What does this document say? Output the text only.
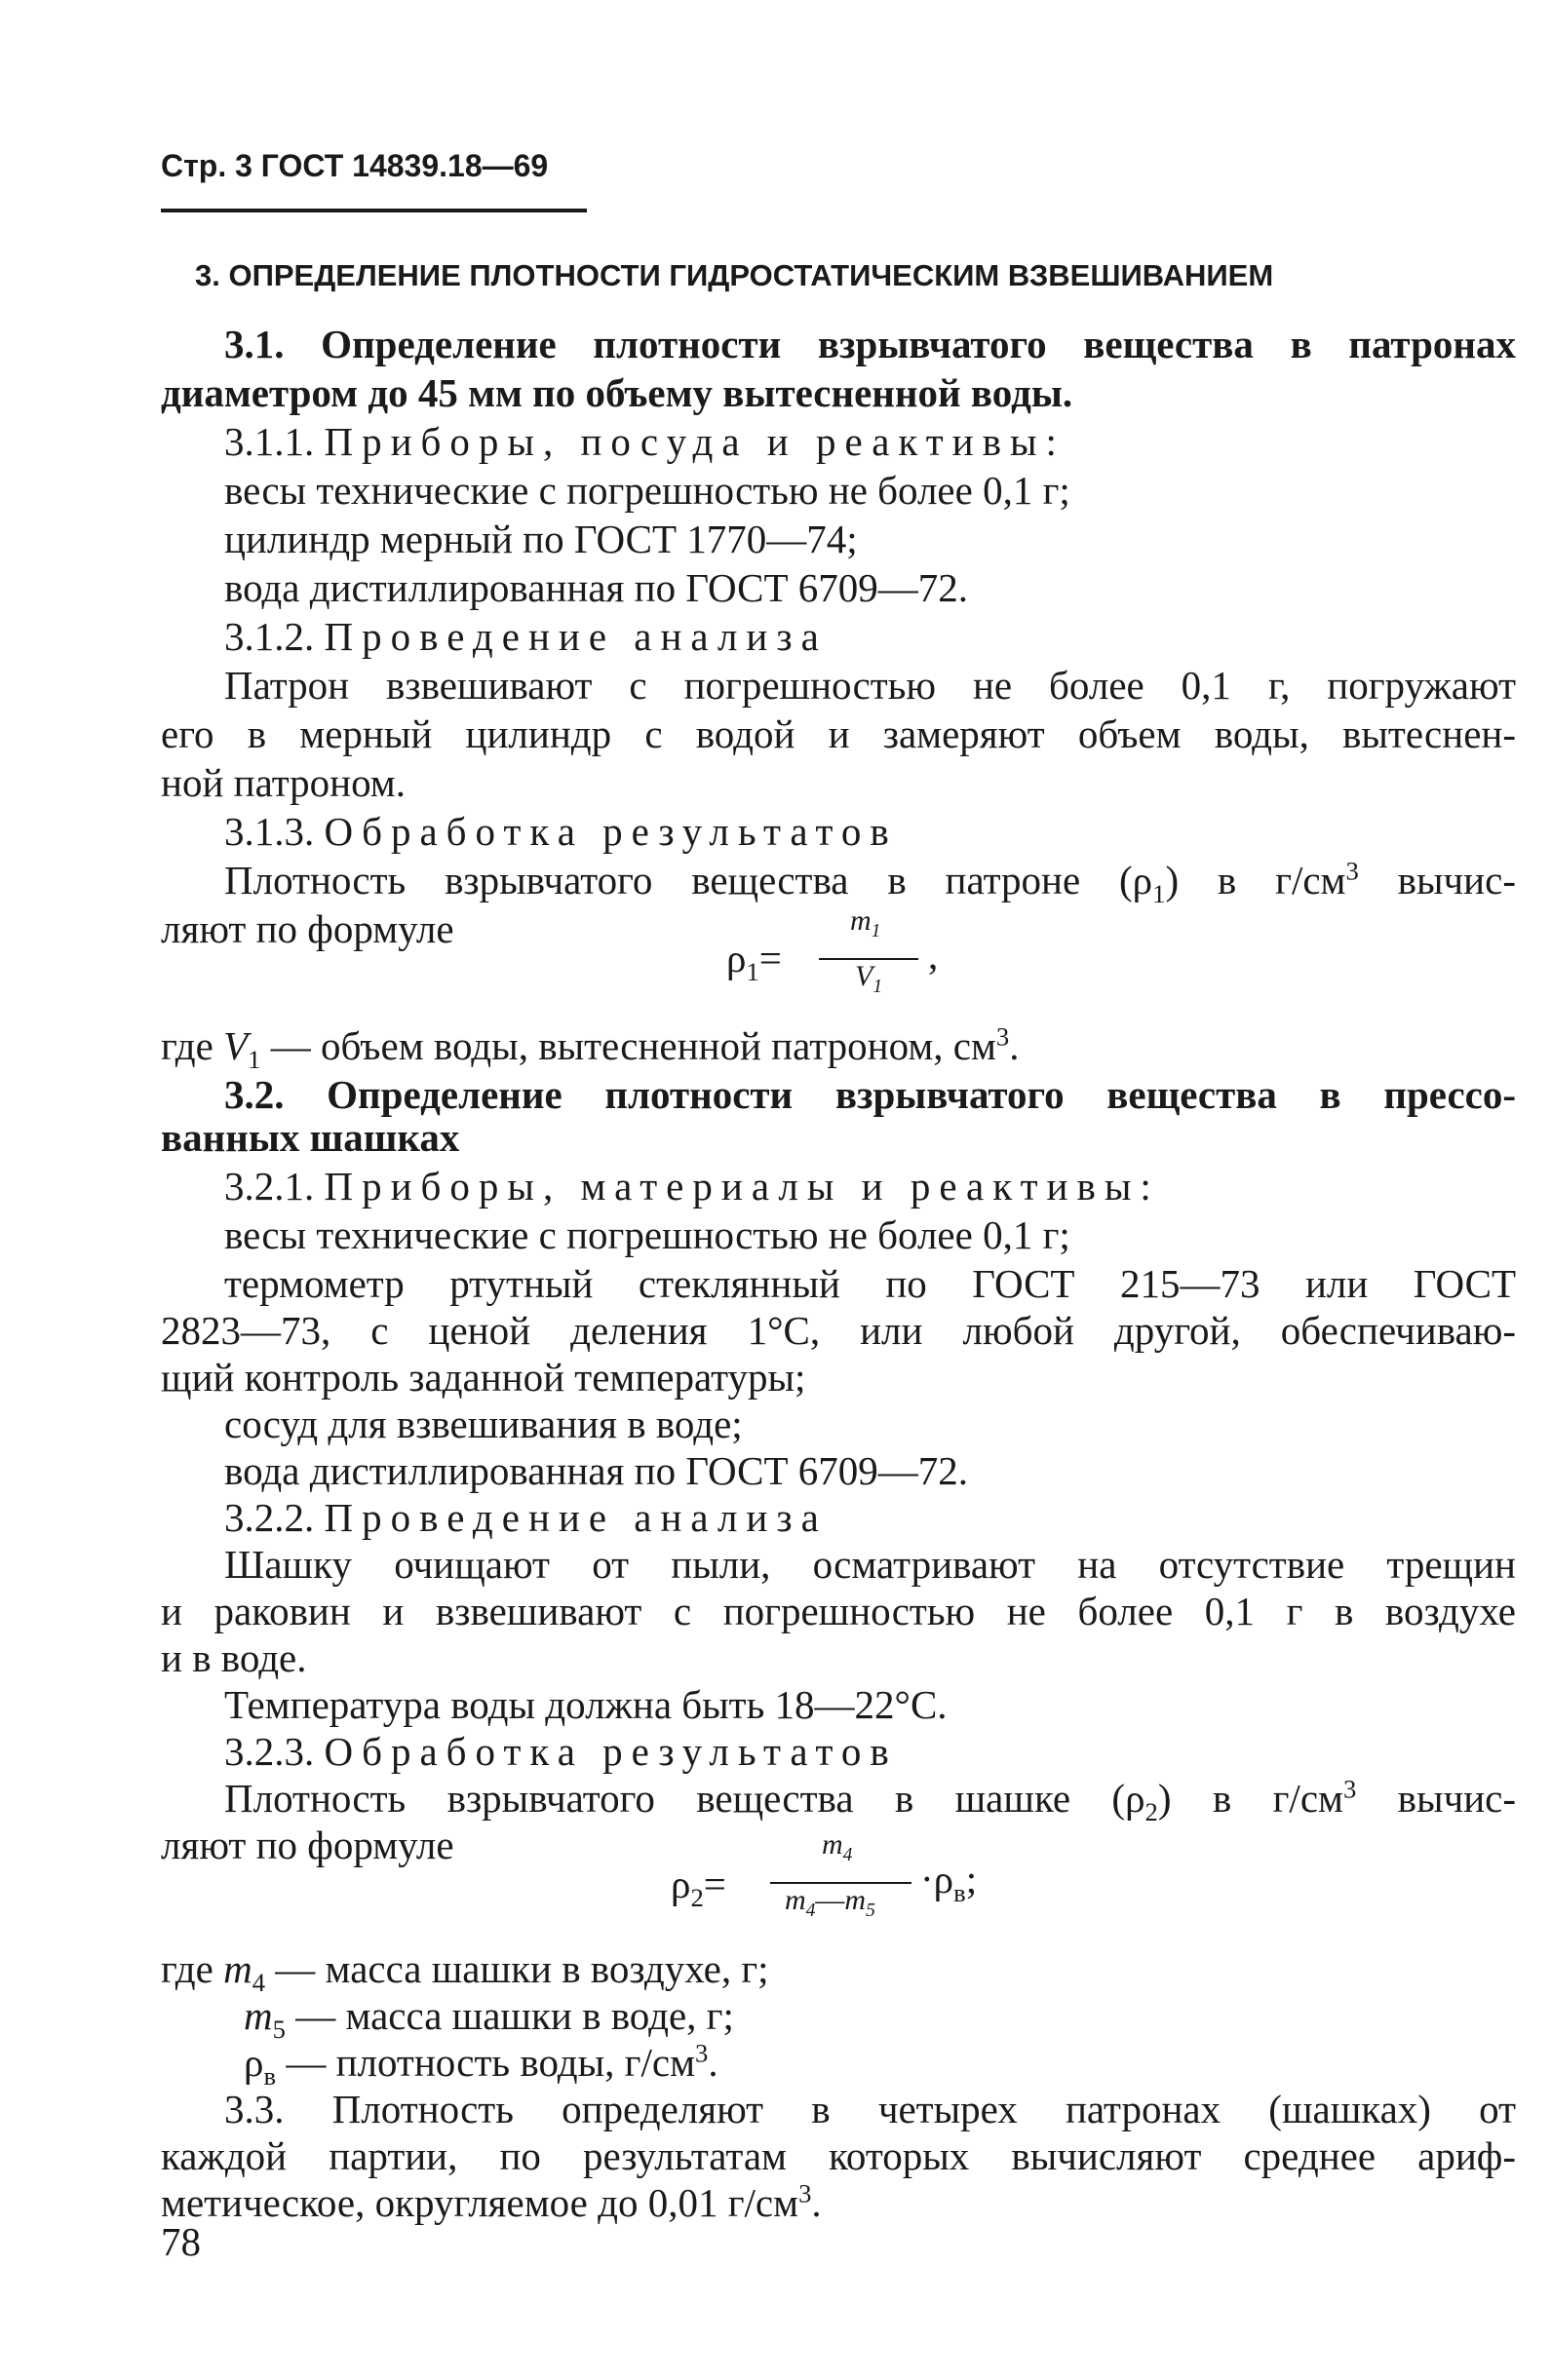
Стр. 3 ГОСТ 14839.18—69
3. ОПРЕДЕЛЕНИЕ ПЛОТНОСТИ ГИДРОСТАТИЧЕСКИМ ВЗВЕШИВАНИЕМ
3.1. Определение плотности взрывчатого вещества в патронах
диаметром до 45 мм по объему вытесненной воды.
3.1.1. Приборы, посуда и реактивы:
весы технические с погрешностью не более 0,1 г;
цилиндр мерный по ГОСТ 1770—74;
вода дистиллированная по ГОСТ 6709—72.
3.1.2. Проведение анализа
Патрон взвешивают с погрешностью не более 0,1 г, погружают
его в мерный цилиндр с водой и замеряют объем воды, вытеснен-
ной патроном.
3.1.3. Обработка результатов
Плотность взрывчатого вещества в патроне $(\rho_1)$ в $г/см^3$ вычис-
ляют по формуле
$\rho_1=$
$m_1$
$V_1$
,
где $V_1$ — объем воды, вытесненной патроном, $см^3$.
3.2. Определение плотности взрывчатого вещества в прессо-
ванных шашках
3.2.1. Приборы, материалы и реактивы:
весы технические с погрешностью не более 0,1 г;
термометр ртутный стеклянный по ГОСТ 215—73 или ГОСТ
2823—73, с ценой деления 1°С, или любой другой, обеспечиваю-
щий контроль заданной температуры;
сосуд для взвешивания в воде;
вода дистиллированная по ГОСТ 6709—72.
3.2.2. Проведение анализа
Шашку очищают от пыли, осматривают на отсутствие трещин
и раковин и взвешивают с погрешностью не более 0,1 г в воздухе
и в воде.
Температура воды должна быть 18—22°С.
3.2.3. Обработка результатов
Плотность взрывчатого вещества в шашке $(\rho_2)$ в $г/см^3$ вычис-
ляют по формуле
$\rho_2=$
$m_4$
$m_4—m_5$
$\cdot\rho_в$;
где $m_4$ — масса шашки в воздухе, г;
$m_5$ — масса шашки в воде, г;
$\rho_в$ — плотность воды, $г/см^3$.
3.3. Плотность определяют в четырех патронах (шашках) от
каждой партии, по результатам которых вычисляют среднее ариф-
метическое, округляемое до 0,01 $г/см^3$.
78
